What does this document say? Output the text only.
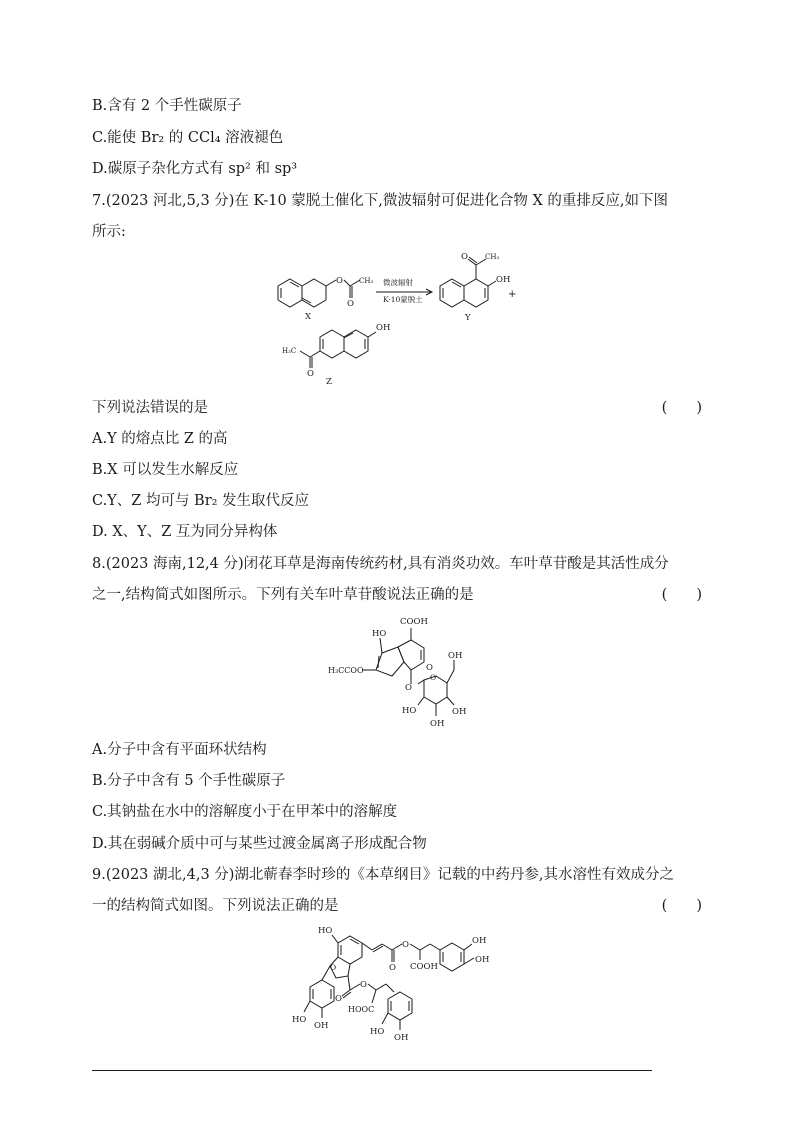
B.含有 2 个手性碳原子
C.能使 Br₂ 的 CCl₄ 溶液褪色
D.碳原子杂化方式有 sp² 和 sp³
7.(2023 河北,5,3 分)在 K-10 蒙脱土催化下,微波辐射可促进化合物 X 的重排反应,如下图
所示:
O
O
CH₃ 微波辐射
K-10蒙脱土
O CH₃
OH
+
OH
H₃C
O
X	Y
Z
下列说法错误的是	(　　)
A.Y 的熔点比 Z 的高
B.X 可以发生水解反应
C.Y、Z 均可与 Br₂ 发生取代反应
D. X、Y、Z 互为同分异构体
8.(2023 海南,12,4 分)闭花耳草是海南传统药材,具有消炎功效。车叶草苷酸是其活性成分
之一,结构简式如图所示。下列有关车叶草苷酸说法正确的是	(　　)
HO
COOH
H₃CCOO	O
O
O
OH
OH
OH
HO
A.分子中含有平面环状结构
B.分子中含有 5 个手性碳原子
C.其钠盐在水中的溶解度小于在甲苯中的溶解度
D.其在弱碱介质中可与某些过渡金属离子形成配合物
9.(2023 湖北,4,3 分)湖北蕲春李时珍的《本草纲目》记载的中药丹参,其水溶性有效成分之
一的结构简式如图。下列说法正确的是	(　　)
HO
O	O
O
COOH
OH
OH
O
O
HOOC
HO
OH
HO
OH
